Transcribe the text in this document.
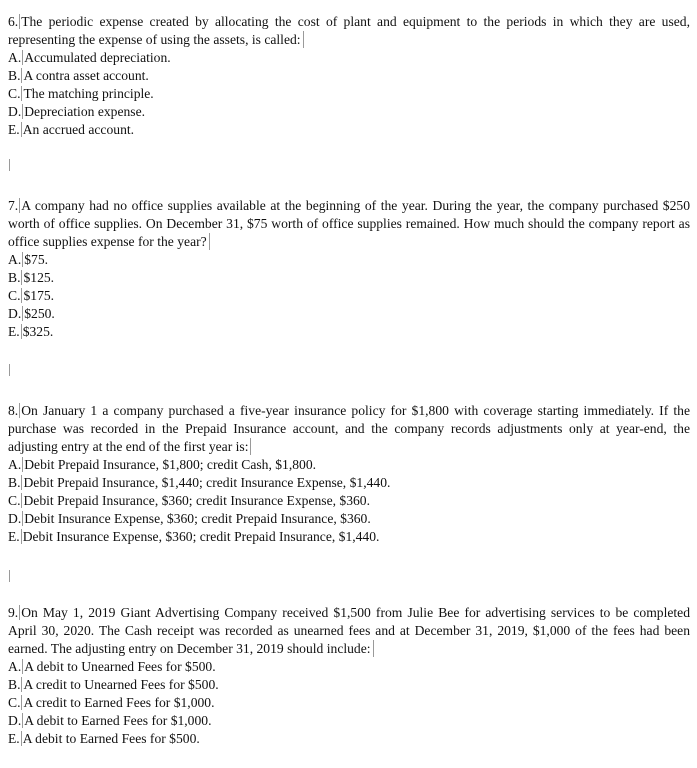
6. The periodic expense created by allocating the cost of plant and equipment to the periods in which they are used, representing the expense of using the assets, is called:

A. Accumulated depreciation.
B. A contra asset account.
C. The matching principle.
D. Depreciation expense.
E. An accrued account.

7. A company had no office supplies available at the beginning of the year. During the year, the company purchased $250 worth of office supplies. On December 31, $75 worth of office supplies remained. How much should the company report as office supplies expense for the year?

A. $75.
B. $125.
C. $175.
D. $250.
E. $325.

8. On January 1 a company purchased a five-year insurance policy for $1,800 with coverage starting immediately. If the purchase was recorded in the Prepaid Insurance account, and the company records adjustments only at year-end, the adjusting entry at the end of the first year is:

A. Debit Prepaid Insurance, $1,800; credit Cash, $1,800.
B. Debit Prepaid Insurance, $1,440; credit Insurance Expense, $1,440.
C. Debit Prepaid Insurance, $360; credit Insurance Expense, $360.
D. Debit Insurance Expense, $360; credit Prepaid Insurance, $360.
E. Debit Insurance Expense, $360; credit Prepaid Insurance, $1,440.

9. On May 1, 2019 Giant Advertising Company received $1,500 from Julie Bee for advertising services to be completed April 30, 2020. The Cash receipt was recorded as unearned fees and at December 31, 2019, $1,000 of the fees had been earned. The adjusting entry on December 31, 2019 should include:

A. A debit to Unearned Fees for $500.
B. A credit to Unearned Fees for $500.
C. A credit to Earned Fees for $1,000.
D. A debit to Earned Fees for $1,000.
E. A debit to Earned Fees for $500.
